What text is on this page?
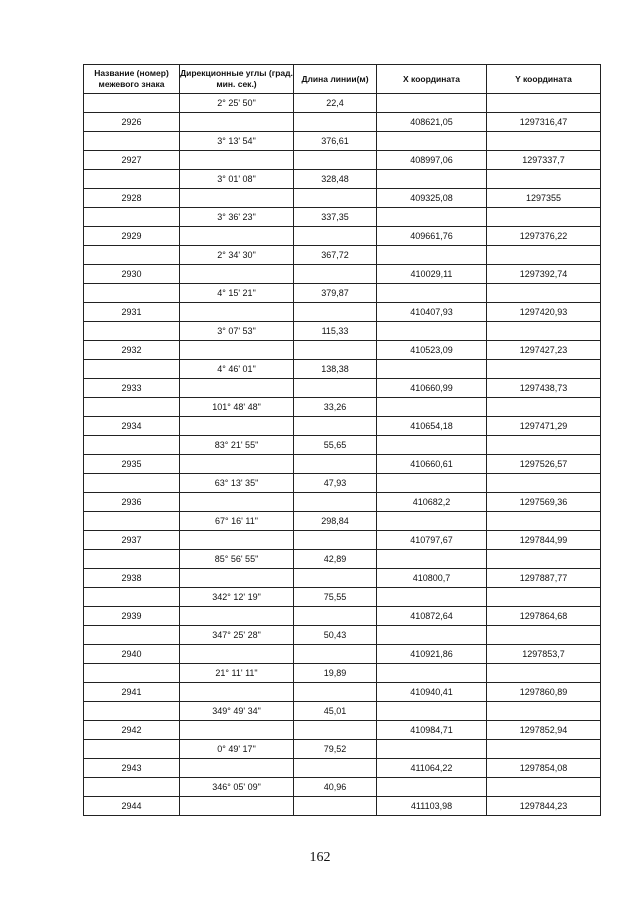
Название (номер) межевого знака	Дирекционные углы (град. мин. сек.)	Длина линии(м)	X координата	Y координата
	2° 25' 50"	22,4		
2926			408621,05	1297316,47
	3° 13' 54"	376,61		
2927			408997,06	1297337,7
	3° 01' 08"	328,48		
2928			409325,08	1297355
	3° 36' 23"	337,35		
2929			409661,76	1297376,22
	2° 34' 30"	367,72		
2930			410029,11	1297392,74
	4° 15' 21"	379,87		
2931			410407,93	1297420,93
	3° 07' 53"	115,33		
2932			410523,09	1297427,23
	4° 46' 01"	138,38		
2933			410660,99	1297438,73
	101° 48' 48"	33,26		
2934			410654,18	1297471,29
	83° 21' 55"	55,65		
2935			410660,61	1297526,57
	63° 13' 35"	47,93		
2936			410682,2	1297569,36
	67° 16' 11"	298,84		
2937			410797,67	1297844,99
	85° 56' 55"	42,89		
2938			410800,7	1297887,77
	342° 12' 19"	75,55		
2939			410872,64	1297864,68
	347° 25' 28"	50,43		
2940			410921,86	1297853,7
	21° 11' 11"	19,89		
2941			410940,41	1297860,89
	349° 49' 34"	45,01		
2942			410984,71	1297852,94
	0° 49' 17"	79,52		
2943			411064,22	1297854,08
	346° 05' 09"	40,96		
2944			411103,98	1297844,23
162
